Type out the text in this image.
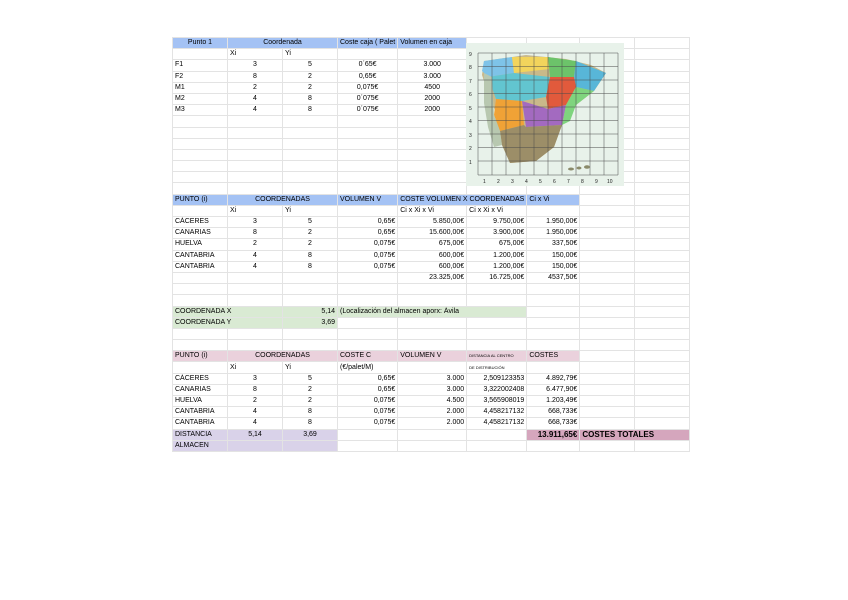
Punto 1	Coordenada		Coste caja ( Palet	Volumen en caja				
	Xi	Yi						
F1	3	5	0´65€	3.000				
F2	8	2	0,65€	3.000				
M1	2	2	0,075€	4500				
M2	4	8	0´075€	2000				
M3	4	8	0´075€	2000				

PUNTO (i)	COORDENADAS		VOLUMEN V	COSTE VOLUMEN X COORDENADAS		Ci x Vi		
	Xi	Yi		Ci x Xi x Vi	Ci x Xi x Vi			
CÁCERES	3	5	0,65€	5.850,00€	9.750,00€	1.950,00€		
CANARIAS	8	2	0,65€	15.600,00€	3.900,00€	1.950,00€		
HUELVA	2	2	0,075€	675,00€	675,00€	337,50€		
CANTABRIA	4	8	0,075€	600,00€	1.200,00€	150,00€		
CANTABRIA	4	8	0,075€	600,00€	1.200,00€	150,00€		
				23.325,00€	16.725,00€	4537,50€		

COORDENADA X		5,14	(Localización del almacen aporx: Ávila					
COORDENADA Y		3,69						

PUNTO (i)	COORDENADAS		COSTE C	VOLUMEN V	DISTANCIA AL CENTRO	COSTES		
	Xi	Yi	(€/palet/M)		DE DISTRIBUCIÓN			
CÁCERES	3	5	0,65€	3.000	2,509123353	4.892,79€		
CANARIAS	8	2	0,65€	3.000	3,322002408	6.477,90€		
HUELVA	2	2	0,075€	4.500	3,565908019	1.203,49€		
CANTABRIA	4	8	0,075€	2.000	4,458217132	668,733€		
CANTABRIA	4	8	0,075€	2.000	4,458217132	668,733€		
DISTANCIA	5,14	3,69				13.911,65€	COSTES TOTALES	
ALMACEN								
9
8
7
6
5
4
3
2
1
1 2 3 4 5 6 7 8 9 10
